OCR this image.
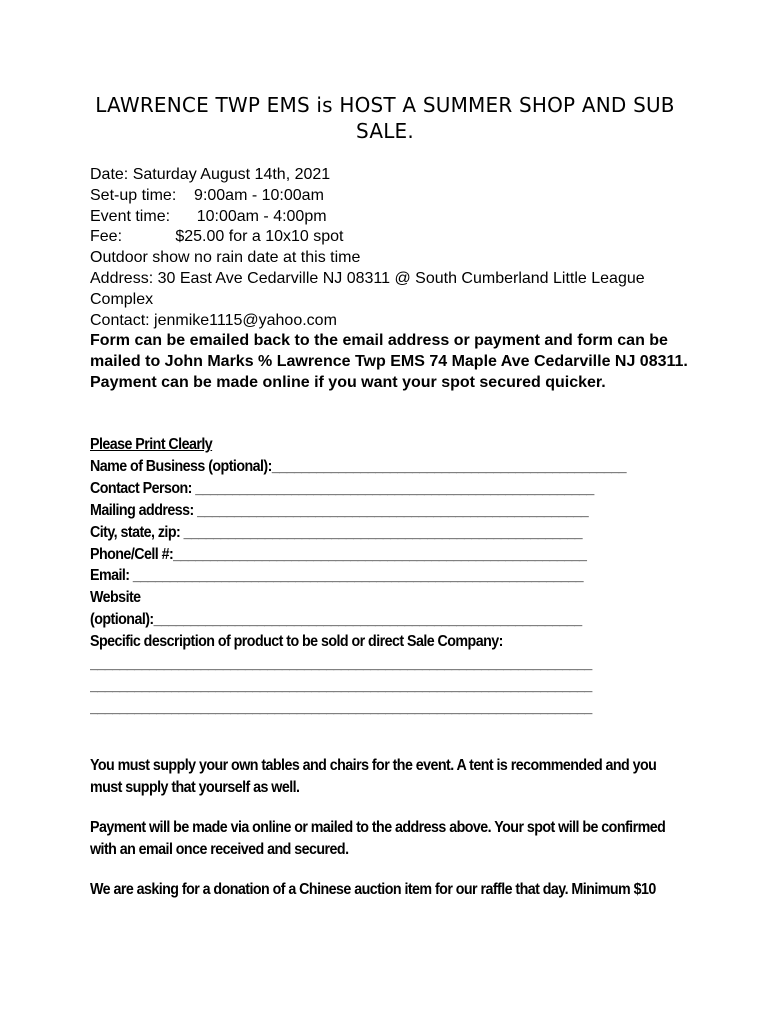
LAWRENCE TWP EMS is HOST A SUMMER SHOP AND SUB SALE.
Date: Saturday August 14th, 2021
Set-up time:    9:00am - 10:00am
Event time:      10:00am - 4:00pm
Fee:            $25.00 for a 10x10 spot
Outdoor show no rain date at this time
Address: 30 East Ave Cedarville NJ 08311 @ South Cumberland Little League Complex
Contact: jenmike1115@yahoo.com
Form can be emailed back to the email address or payment and form can be mailed to John Marks % Lawrence Twp EMS 74 Maple Ave Cedarville NJ 08311. Payment can be made online if you want your spot secured quicker.
Please Print Clearly
Name of Business (optional):________________________________________________
Contact Person: ______________________________________________________
Mailing address: _____________________________________________________
City, state, zip: ______________________________________________________
Phone/Cell #:________________________________________________________
Email: _____________________________________________________________
Website
(optional):__________________________________________________________
Specific description of product to be sold or direct Sale Company:
____________________________________________________________________
____________________________________________________________________
____________________________________________________________________

You must supply your own tables and chairs for the event. A tent is recommended and you must supply that yourself as well.

Payment will be made via online or mailed to the address above. Your spot will be confirmed with an email once received and secured.

We are asking for a donation of a Chinese auction item for our raffle that day. Minimum $10
